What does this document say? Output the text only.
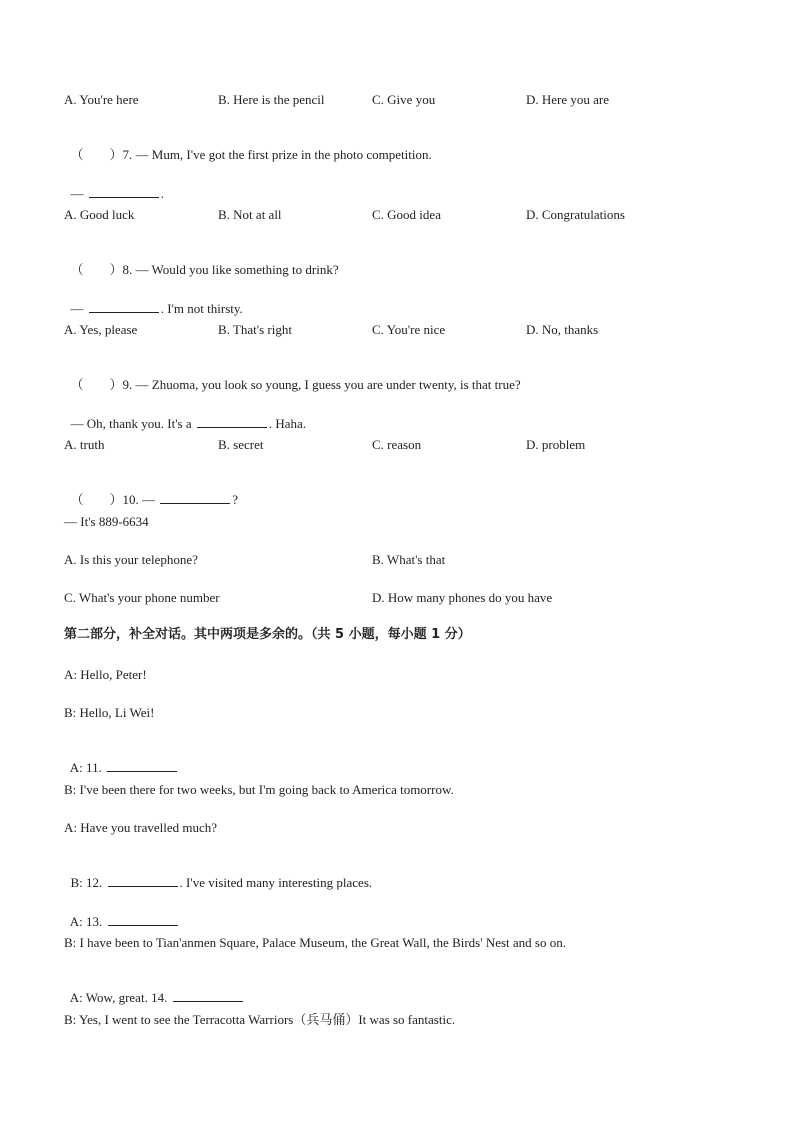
A. You're here	B. Here is the pencil	C. Give you	D. Here you are

（　　）7. — Mum, I've got the first prize in the photo competition.

—	.

A. Good luck	B. Not at all	C. Good idea	D. Congratulations

（　　）8. — Would you like something to drink?

—	. I'm not thirsty.

A. Yes, please	B. That's right	C. You're nice	D. No, thanks

（　　）9. — Zhuoma, you look so young, I guess you are under twenty, is that true?

— Oh, thank you. It's a	. Haha.

A. truth	B. secret	C. reason	D. problem

（　　）10. —	?

— It's 889-6634
A. Is this your telephone?	B. What's that
C. What's your phone number	D. How many phones do you have
第二部分，补全对话。其中两项是多余的。（共 5 小题，每小题 1 分）
A: Hello, Peter!
B: Hello, Li Wei!

A: 11.

B: I've been there for two weeks, but I'm going back to America tomorrow.
A: Have you travelled much?

B: 12.	. I've visited many interesting places.

A: 13.

B: I have been to Tian'anmen Square, Palace Museum, the Great Wall, the Birds' Nest and so on.

A: Wow, great. 14.

B: Yes, I went to see the Terracotta Warriors（兵马俑）It was so fantastic.
